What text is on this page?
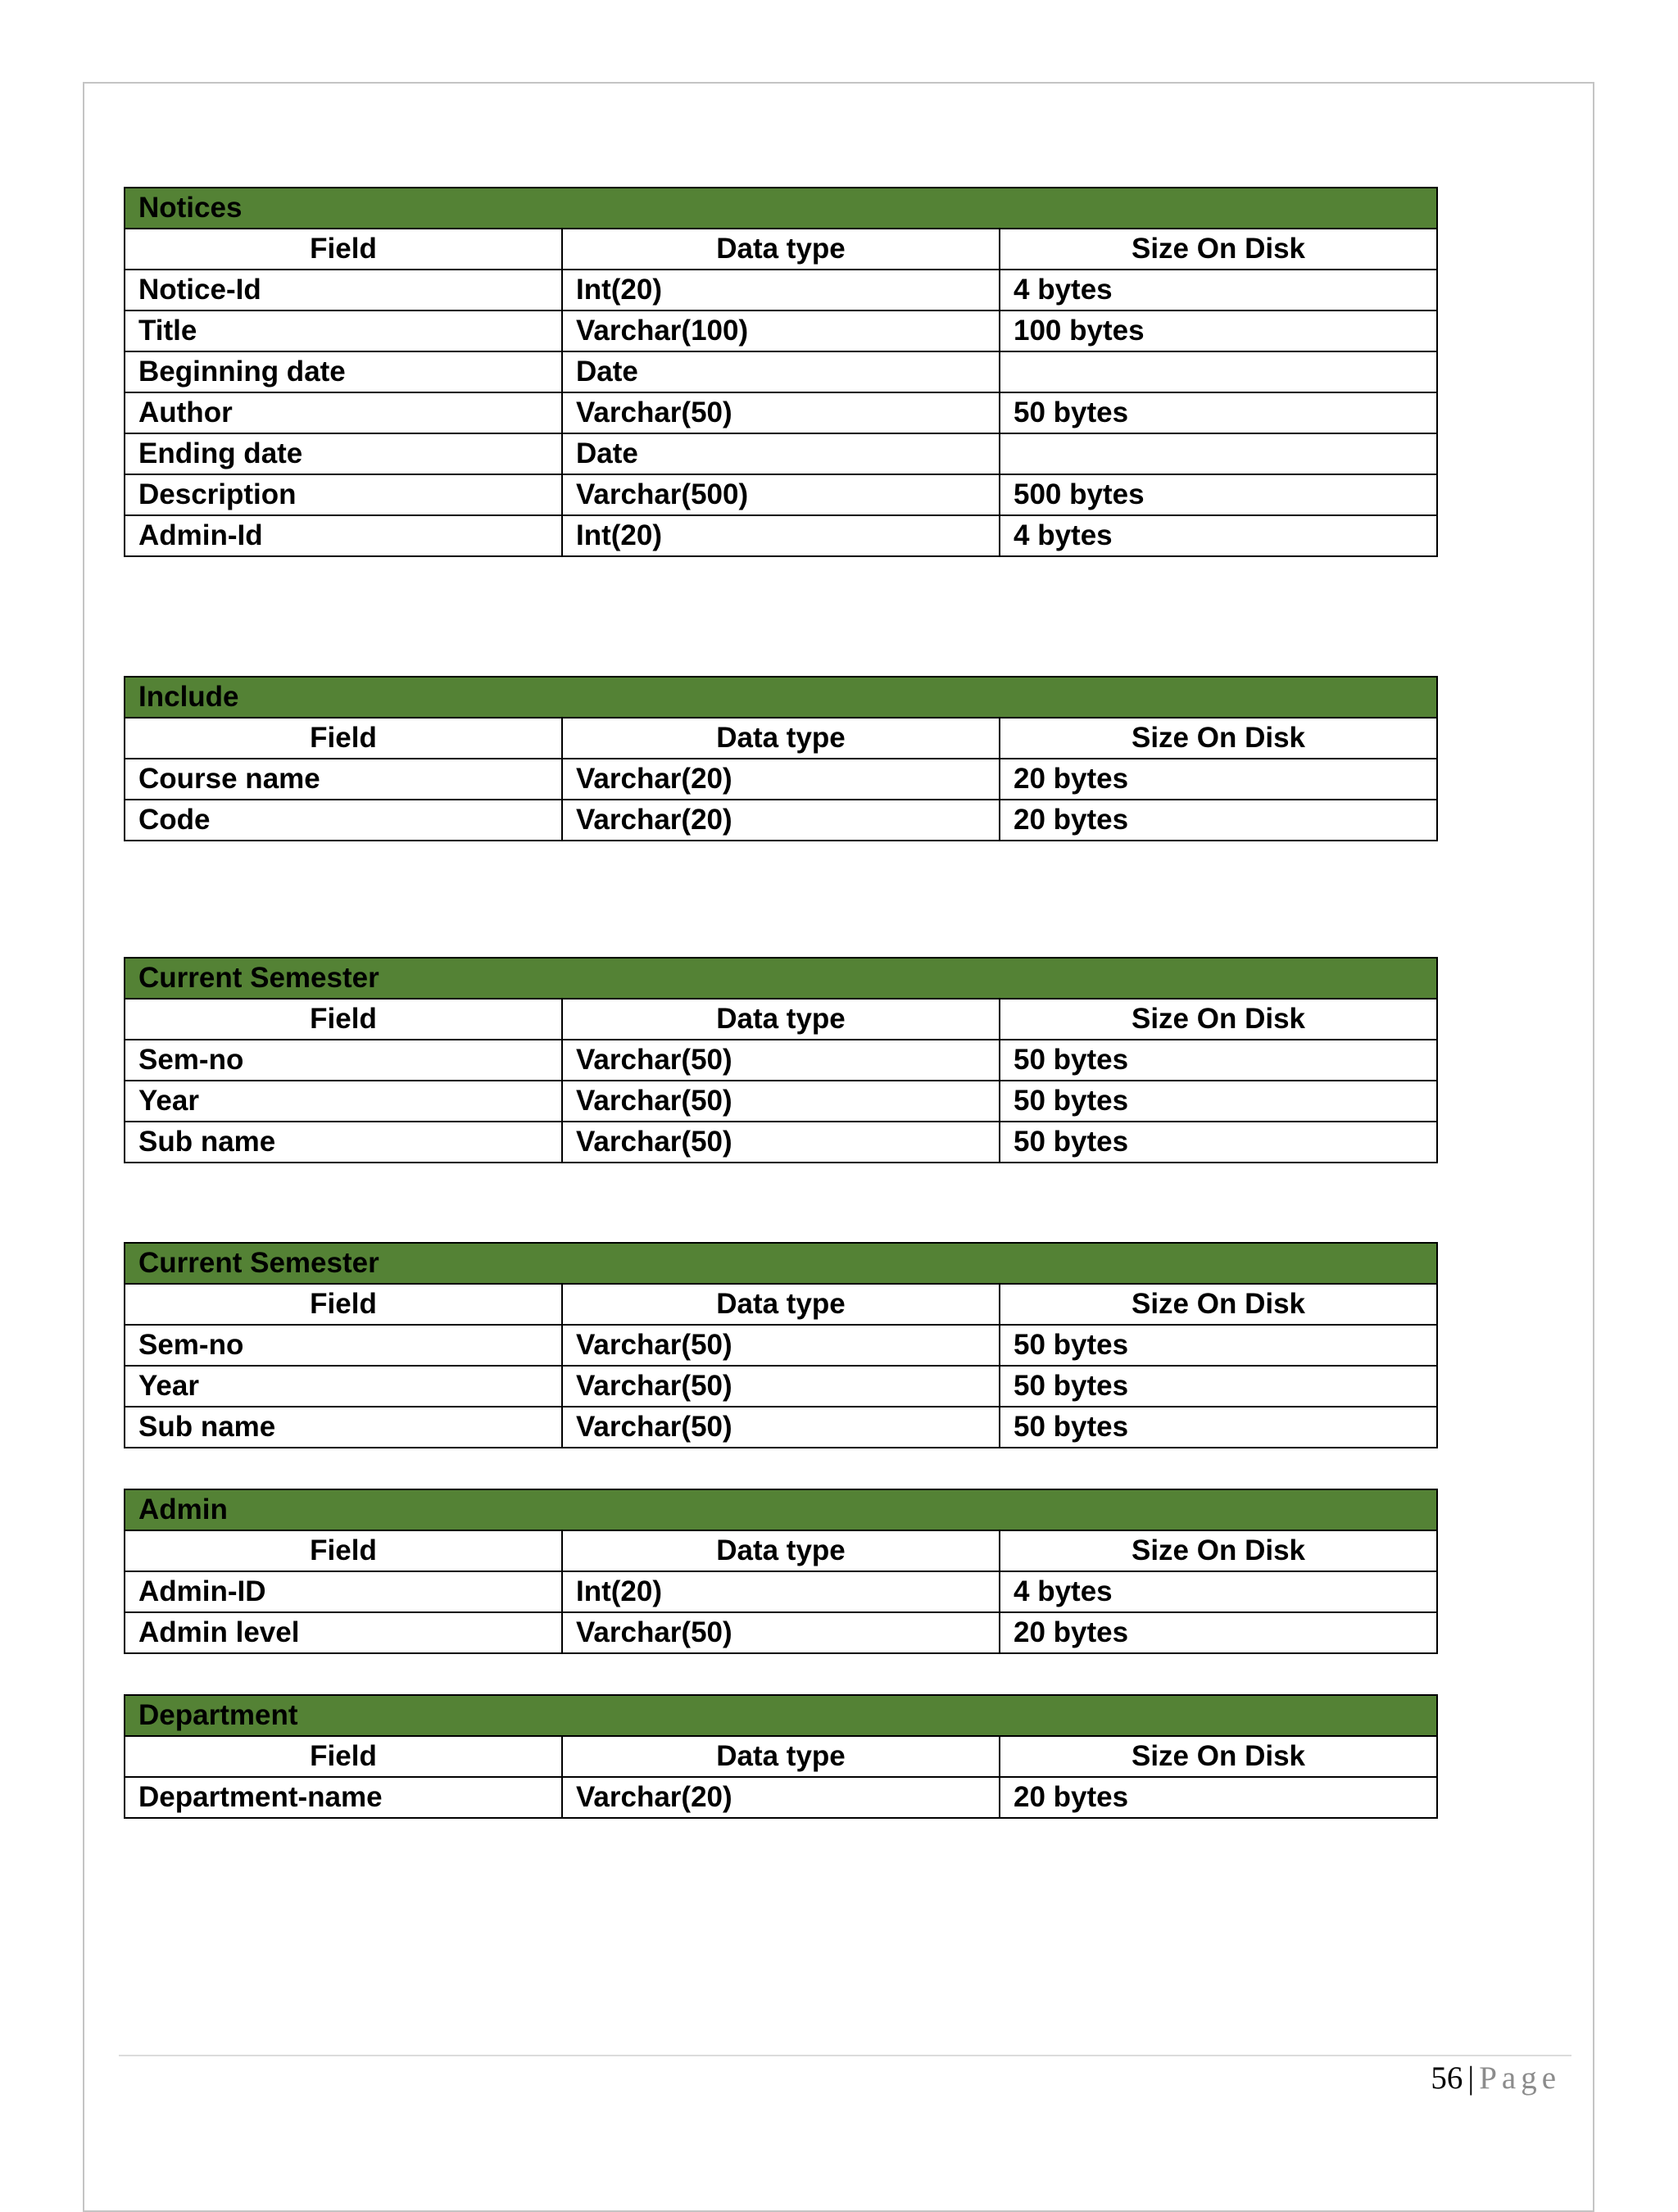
Notices		
Field	Data type	Size On Disk
Notice-Id	Int(20)	4 bytes
Title	Varchar(100)	100 bytes
Beginning date	Date	
Author	Varchar(50)	50 bytes
Ending date	Date	
Description	Varchar(500)	500 bytes
Admin-Id	Int(20)	4 bytes
Include		
Field	Data type	Size On Disk
Course name	Varchar(20)	20 bytes
Code	Varchar(20)	20 bytes
Current Semester		
Field	Data type	Size On Disk
Sem-no	Varchar(50)	50 bytes
Year	Varchar(50)	50 bytes
Sub name	Varchar(50)	50 bytes
Current Semester		
Field	Data type	Size On Disk
Sem-no	Varchar(50)	50 bytes
Year	Varchar(50)	50 bytes
Sub name	Varchar(50)	50 bytes
Admin		
Field	Data type	Size On Disk
Admin-ID	Int(20)	4 bytes
Admin level	Varchar(50)	20 bytes
Department		
Field	Data type	Size On Disk
Department-name	Varchar(20)	20 bytes
56 | Page
